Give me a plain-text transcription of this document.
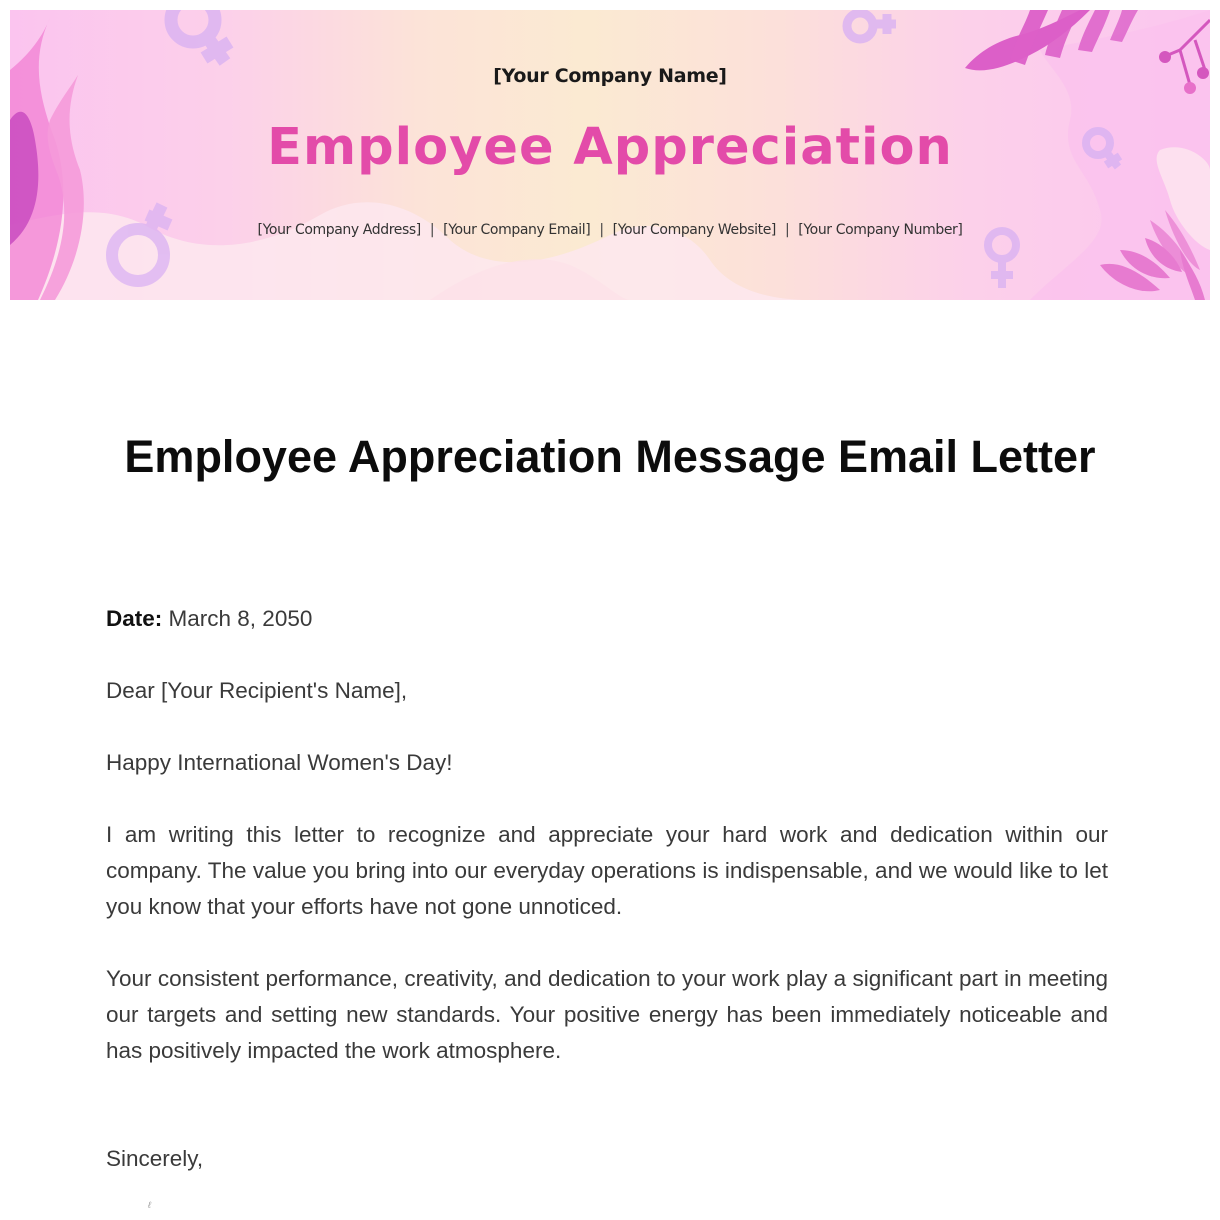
[Your Company Name]
Employee Appreciation
[Your Company Address] | [Your Company Email] | [Your Company Website] | [Your Company Number]
Employee Appreciation Message Email Letter

Date: March 8, 2050

Dear [Your Recipient's Name],

Happy International Women's Day!

I am writing this letter to recognize and appreciate your hard work and dedication within our company. The value you bring into our everyday operations is indispensable, and we would like to let you know that your efforts have not gone unnoticed.

Your consistent performance, creativity, and dedication to your work play a significant part in meeting our targets and setting new standards. Your positive energy has been immediately noticeable and has positively impacted the work atmosphere.

Sincerely,

ℓ
